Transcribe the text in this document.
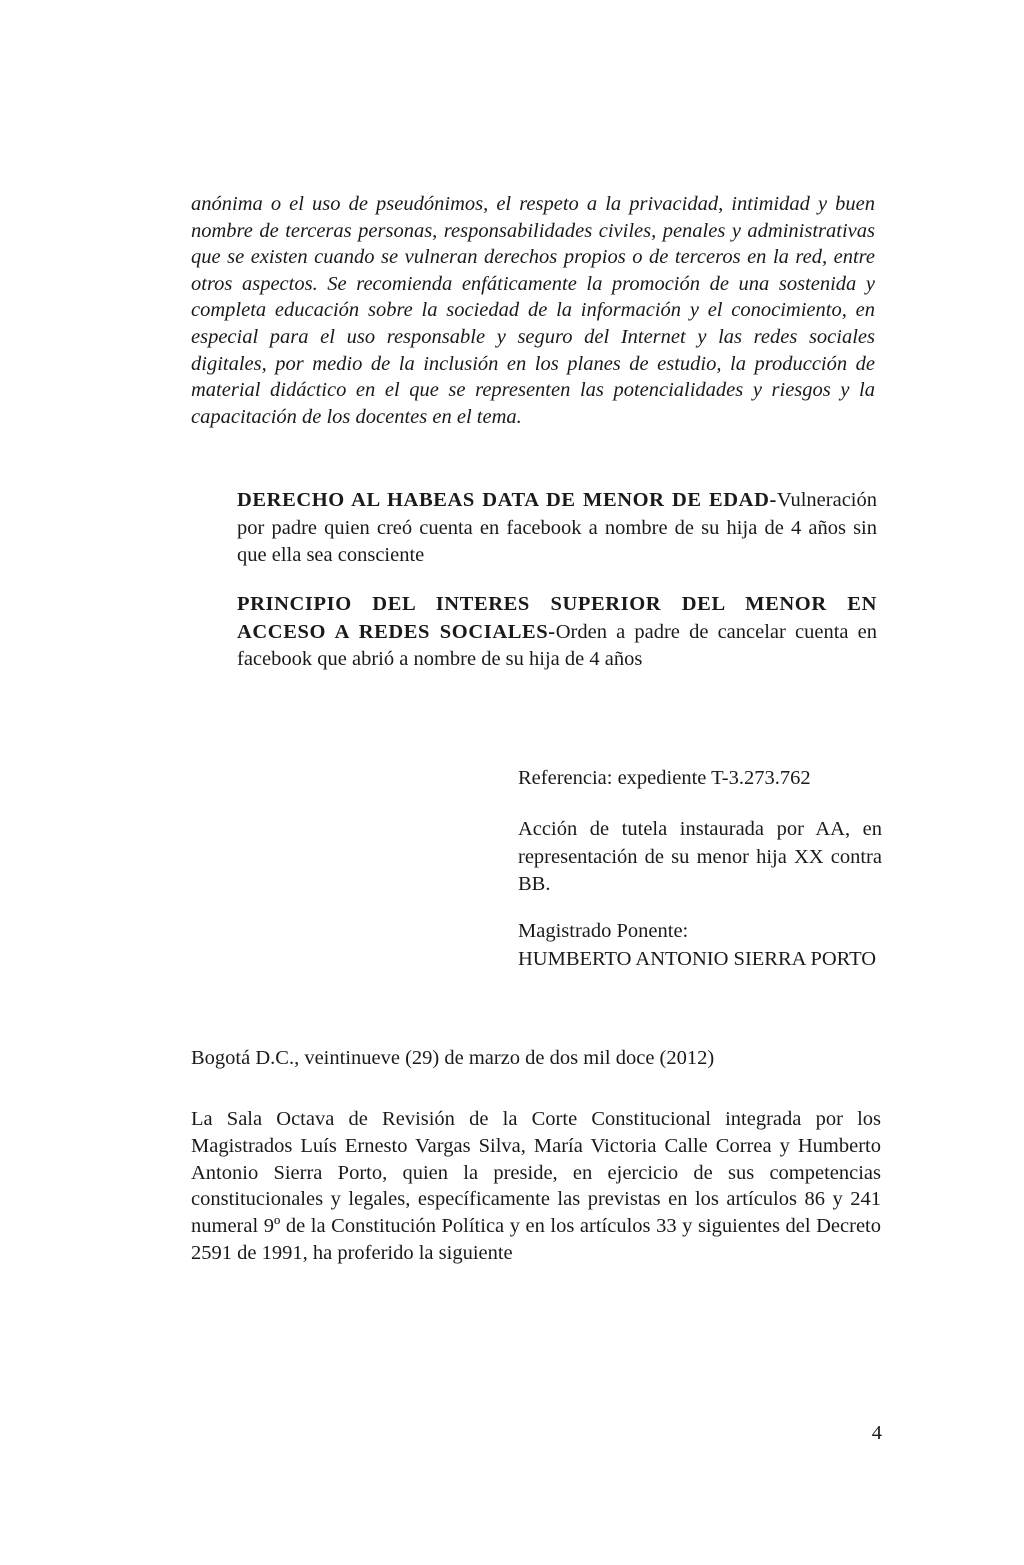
anónima o el uso de pseudónimos, el respeto a la privacidad, intimidad y buen nombre de terceras personas, responsabilidades civiles, penales y administrativas que se existen cuando se vulneran derechos propios o de terceros en la red, entre otros aspectos. Se recomienda enfáticamente la promoción de una sostenida y completa educación sobre la sociedad de la información y el conocimiento, en especial para el uso responsable y seguro del Internet y las redes sociales digitales, por medio de la inclusión en los planes de estudio, la producción de material didáctico en el que se representen las potencialidades y riesgos y la capacitación de los docentes en el tema.
DERECHO AL HABEAS DATA DE MENOR DE EDAD-Vulneración por padre quien creó cuenta en facebook a nombre de su hija de 4 años sin que ella sea consciente
PRINCIPIO DEL INTERES SUPERIOR DEL MENOR EN ACCESO A REDES SOCIALES-Orden a padre de cancelar cuenta en facebook que abrió a nombre de su hija de 4 años
Referencia: expediente T-3.273.762
Acción de tutela instaurada por AA, en representación de su menor hija XX contra BB.
Magistrado Ponente:
HUMBERTO ANTONIO SIERRA PORTO
Bogotá D.C., veintinueve (29) de marzo de dos mil doce (2012)
La Sala Octava de Revisión de la Corte Constitucional integrada por los Magistrados Luís Ernesto Vargas Silva, María Victoria Calle Correa y Humberto Antonio Sierra Porto, quien la preside, en ejercicio de sus competencias constitucionales y legales, específicamente las previstas en los artículos 86 y 241 numeral 9º de la Constitución Política y en los artículos 33 y siguientes del Decreto 2591 de 1991, ha proferido la siguiente
4
